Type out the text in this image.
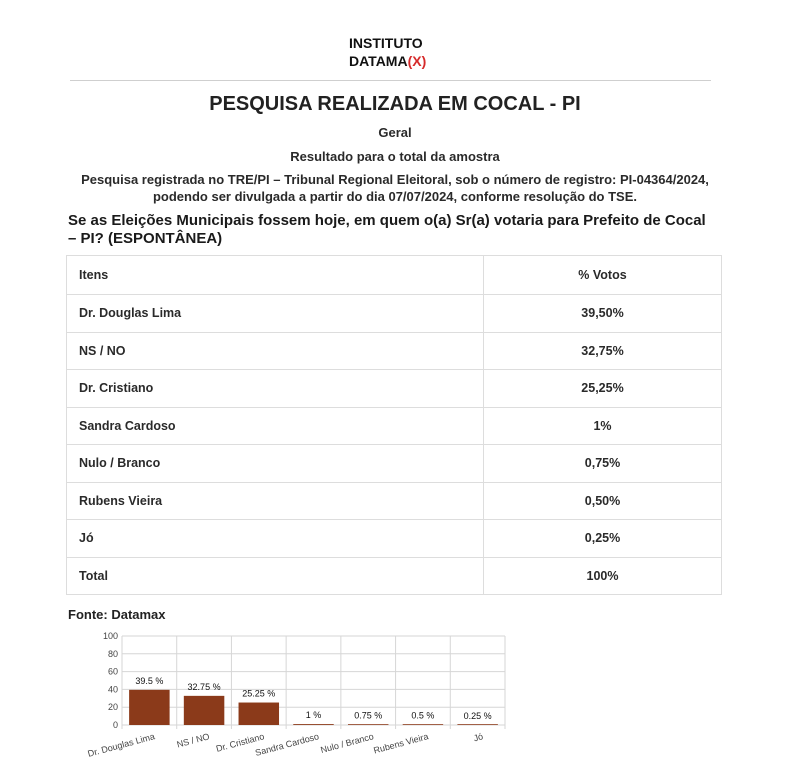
INSTITUTO
DATAMA(X)
PESQUISA REALIZADA EM COCAL - PI
Geral
Resultado para o total da amostra
Pesquisa registrada no TRE/PI – Tribunal Regional Eleitoral, sob o número de registro: PI-04364/2024, podendo ser divulgada a partir do dia 07/07/2024, conforme resolução do TSE.
Se as Eleições Municipais fossem hoje, em quem o(a) Sr(a) votaria para Prefeito de Cocal – PI? (ESPONTÂNEA)
Itens	% Votos
Dr. Douglas Lima	39,50%
NS / NO	32,75%
Dr. Cristiano	25,25%
Sandra Cardoso	1%
Nulo / Branco	0,75%
Rubens Vieira	0,50%
Jó	0,25%
Total	100%
Fonte: Datamax
0
20
40
60
80
100
39.5 %
Dr. Douglas Lima
32.75 %
NS / NO
25.25 %
Dr. Cristiano
1 %
Sandra Cardoso
0.75 %
Nulo / Branco
0.5 %
Rubens Vieira
0.25 %
Jó
